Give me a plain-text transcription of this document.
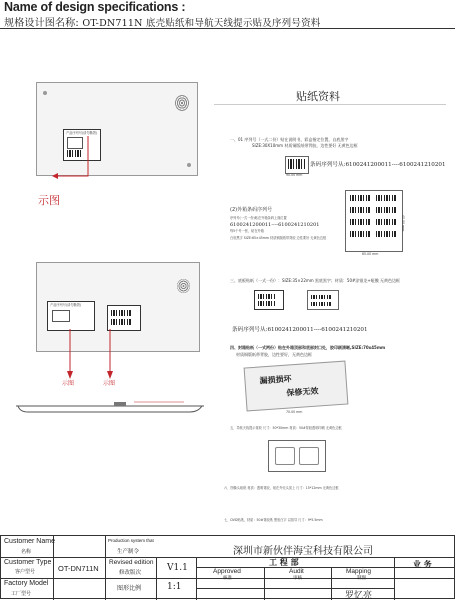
Name of design specifications :
规格设计图名称: OT-DN711N 底壳贴纸和导航天线提示贴及序列号资料
产品序列号(请勿撕毁)
示图
产品序列号(请勿撕毁)
示图	示图
贴纸资料
一、01 序列号（一式二份）贴在说明书、彩盒指定位置，自底黑字
SIZE:30X10mm 材质铜版纸带背胶，边性要好 无黄色边框
90.00 mm
条码序列号从:6100241200011----6100241210201
(2)外箱条码序列号
序列号(一式一份)贴在外箱条码上面位置
6100241200011----6100241210201
每5个号一张，贴在外箱
白底黑字 SIZE:65×45mm 材质铜版纸带背胶 边性要好 无黄色边框
65.00 mm
45.00 mm
三、底板贴纸（一式一份）：SIZE:35×22mm 黑底黑字；材质：50#涂银龙+哑膜 无黄色边框
条码序列号从:6100241200011----6100241210201
四、封箱贴纸（一式两份）贴在外箱顶部和底部封口处，胶印刷清晰,SIZE:70x45mm
材质铜版纸带背胶，边性要好，无黄色边框
漏损损坏
保修无效
70.00 mm
五、导航天线提示背胶 尺寸：50*30mm 材质：50#背胶透明印刷 无黄色边框
六、图像头贴纸 材质：透明背胶，贴在外壳头顶上 尺寸：15*12mm 无黄色边框
七、DVD贴纸，材质：50#背胶纸 黑底白字 以指导 尺寸：9*5.5mm
Customer Name
名称
Production system that
生产制令	深圳市新伙伴海宝科技有限公司
Customer Type
客户型号	OT-DN711N
Revised edition
修改版次	V1.1
工 程 部	业 务
Approved
核准
Audit
审核
Mapping
制图
Factory Model
工厂型号
图形比例	1:1
罗忆亮
